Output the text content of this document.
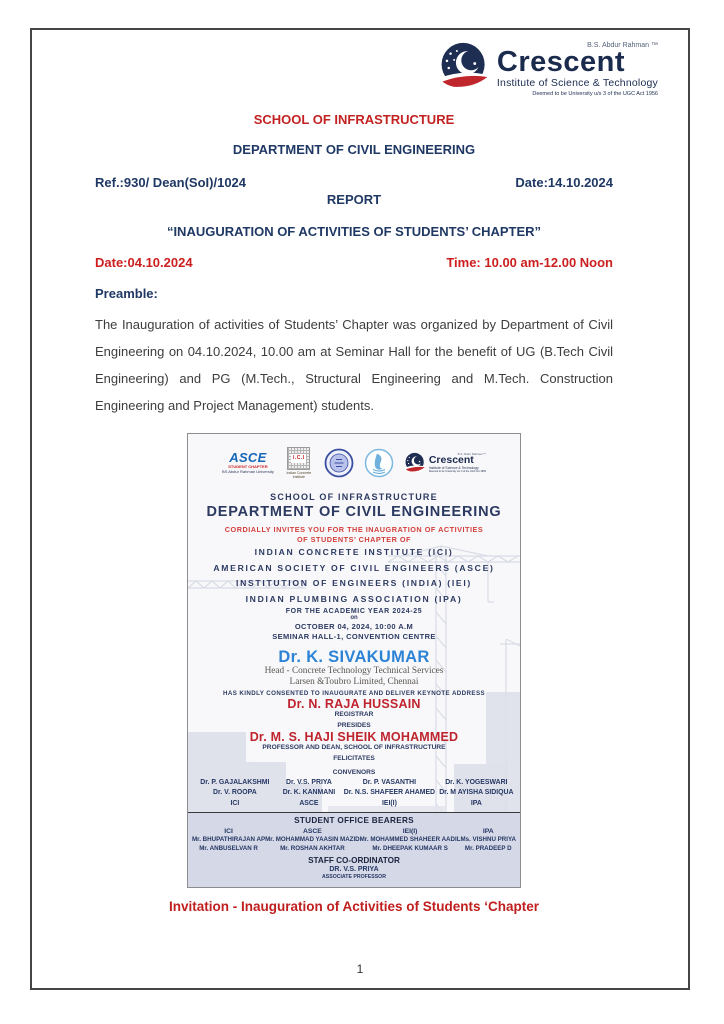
B.S. Abdur Rahman ™
Crescent
Institute of Science & Technology
Deemed to be University u/s 3 of the UGC Act 1956
SCHOOL OF INFRASTRUCTURE
DEPARTMENT OF CIVIL ENGINEERING
Ref.:930/ Dean(SoI)/1024	Date:14.10.2024
REPORT
“INAUGURATION OF ACTIVITIES OF STUDENTS’ CHAPTER”
Date:04.10.2024	Time: 10.00 am-12.00 Noon
Preamble:
The Inauguration of activities of Students’ Chapter was organized by Department of Civil Engineering on 04.10.2024, 10.00 am at Seminar Hall for the benefit of UG (B.Tech Civil Engineering) and PG (M.Tech., Structural Engineering and M.Tech. Construction Engineering and Project Management) students.
ASCE
STUDENT CHAPTER
BS Abdur Rahman University
I.C.I
Indian Concrete Institute
B.S. Abdur Rahman ™
Crescent
Institute of Science & Technology
Deemed to be University u/s 3 of the UGC Act 1956
SCHOOL OF INFRASTRUCTURE
DEPARTMENT OF CIVIL ENGINEERING
CORDIALLY INVITES YOU FOR THE INAUGRATION OF ACTIVITIES
OF STUDENTS’ CHAPTER OF
INDIAN CONCRETE INSTITUTE (ICI)
AMERICAN SOCIETY OF CIVIL ENGINEERS (ASCE)
INSTITUTION OF ENGINEERS (INDIA) (IEI)
INDIAN PLUMBING ASSOCIATION (IPA)
FOR THE ACADEMIC YEAR 2024-25
on
OCTOBER 04, 2024, 10:00 A.M
SEMINAR HALL-1, CONVENTION CENTRE
Dr. K. SIVAKUMAR
Head - Concrete Technology Technical Services
Larsen &Toubro Limited, Chennai
HAS KINDLY CONSENTED TO INAUGURATE AND DELIVER KEYNOTE ADDRESS
Dr. N. RAJA HUSSAIN
REGISTRAR
PRESIDES
Dr. M. S. HAJI SHEIK MOHAMMED
PROFESSOR AND DEAN, SCHOOL OF INFRASTRUCTURE
FELICITATES
CONVENORS
Dr. P. GAJALAKSHMI
Dr. V. ROOPA
ICI
Dr. V.S. PRIYA
Dr. K. KANMANI
ASCE
Dr. P. VASANTHI
Dr. N.S. SHAFEER AHAMED
IEI(I)
Dr. K. YOGESWARI
Dr. M AYISHA SIDIQUA
IPA
STUDENT OFFICE BEARERS
ICI
Mr. BHUPATHIRAJAN AP
Mr. ANBUSELVAN R
ASCE
Mr. MOHAMMAD YAASIN MAZID
Mr. ROSHAN AKHTAR
IEI(I)
Mr. MOHAMMED SHAHEER AADIL
Mr. DHEEPAK KUMAAR S
IPA
Ms. VISHNU PRIYA
Mr. PRADEEP D
STAFF CO-ORDINATOR
DR. V.S. PRIYA
ASSOCIATE PROFESSOR
Invitation - Inauguration of Activities of Students ‘Chapter
1
